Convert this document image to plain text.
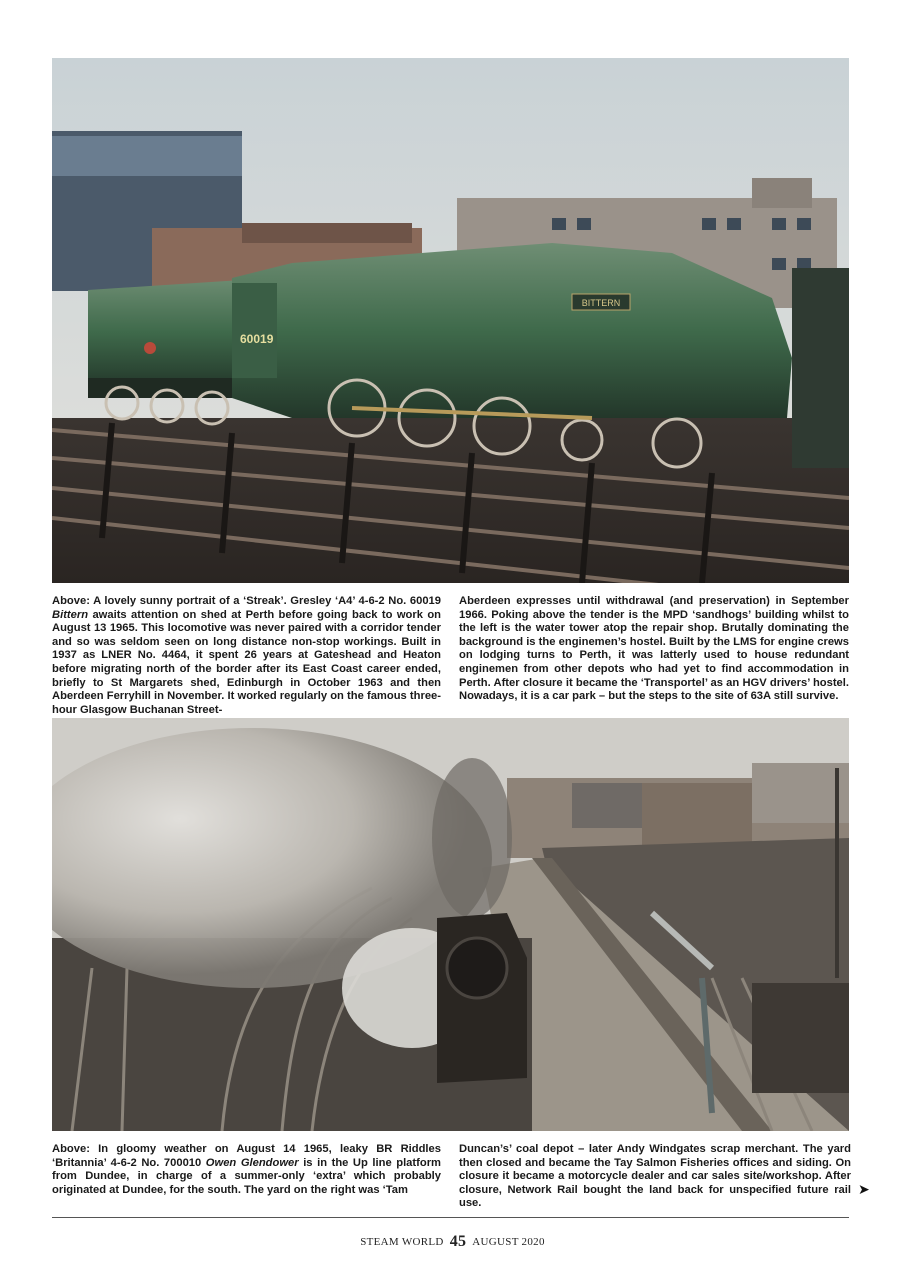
60019
BITTERN
Above: A lovely sunny portrait of a ‘Streak’. Gresley ‘A4’ 4-6-2 No. 60019 Bittern awaits attention on shed at Perth before going back to work on August 13 1965. This locomotive was never paired with a corridor tender and so was seldom seen on long distance non-stop workings. Built in 1937 as LNER No. 4464, it spent 26 years at Gateshead and Heaton before migrating north of the border after its East Coast career ended, briefly to St Margarets shed, Edinburgh in October 1963 and then Aberdeen Ferryhill in November. It worked regularly on the famous three-hour Glasgow Buchanan Street-
Aberdeen expresses until withdrawal (and preservation) in September 1966. Poking above the tender is the MPD ‘sandhogs’ building whilst to the left is the water tower atop the repair shop. Brutally dominating the background is the enginemen’s hostel. Built by the LMS for engine crews on lodging turns to Perth, it was latterly used to house redundant enginemen from other depots who had yet to find accommodation in Perth. After closure it became the ‘Transportel’ as an HGV drivers’ hostel. Nowadays, it is a car park – but the steps to the site of 63A still survive.
Above: In gloomy weather on August 14 1965, leaky BR Riddles ‘Britannia’ 4-6-2 No. 700010 Owen Glendower is in the Up line platform from Dundee, in charge of a summer-only ‘extra’ which probably originated at Dundee, for the south. The yard on the right was ‘Tam
Duncan’s’ coal depot – later Andy Windgates scrap merchant. The yard then closed and became the Tay Salmon Fisheries offices and siding. On closure it became a motorcycle dealer and car sales site/workshop. After closure, Network Rail bought the land back for unspecified future rail use.
➤
STEAM WORLD 45 AUGUST 2020
